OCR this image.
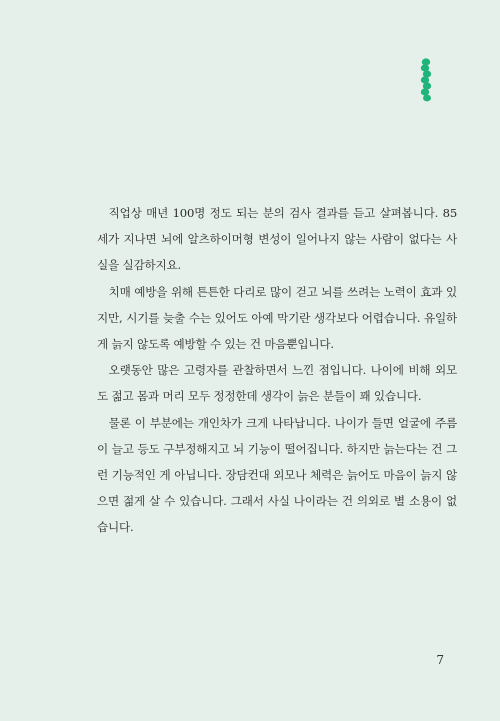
직업상 매년 100명 정도 되는 분의 검사 결과를 듣고 살펴봅니다. 85세가 지나면 뇌에 알츠하이머형 변성이 일어나지 않는 사람이 없다는 사실을 실감하지요.

치매 예방을 위해 튼튼한 다리로 많이 걷고 뇌를 쓰려는 노력이 효과 있지만, 시기를 늦출 수는 있어도 아예 막기란 생각보다 어렵습니다. 유일하게 늙지 않도록 예방할 수 있는 건 마음뿐입니다.

오랫동안 많은 고령자를 관찰하면서 느낀 점입니다. 나이에 비해 외모도 젊고 몸과 머리 모두 정정한데 생각이 늙은 분들이 꽤 있습니다.

물론 이 부분에는 개인차가 크게 나타납니다. 나이가 들면 얼굴에 주름이 늘고 등도 구부정해지고 뇌 기능이 떨어집니다. 하지만 늙는다는 건 그런 기능적인 게 아닙니다. 장담컨대 외모나 체력은 늙어도 마음이 늙지 않으면 젊게 살 수 있습니다. 그래서 사실 나이라는 건 의외로 별 소용이 없습니다.

7
